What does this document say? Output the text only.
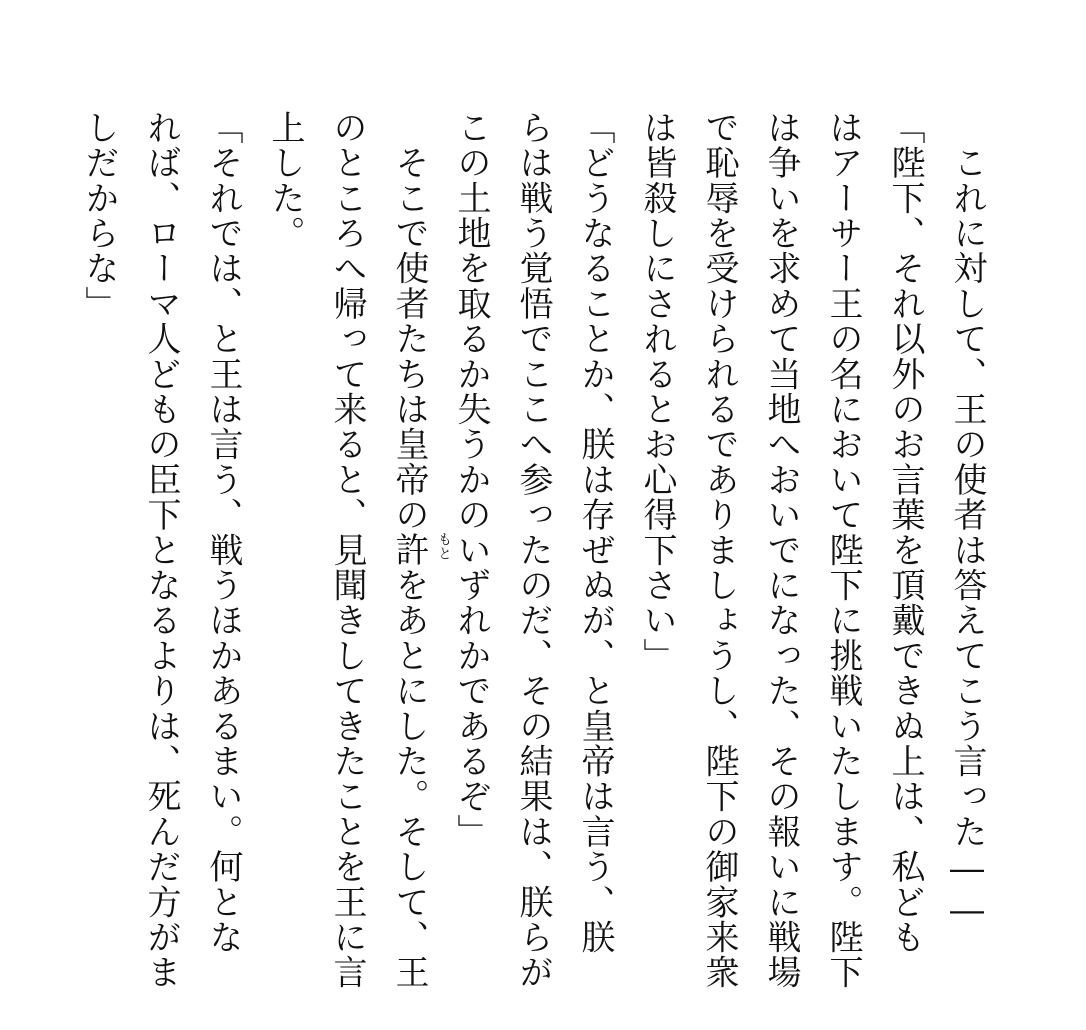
　これに対して、王の使者は答えてこう言った――
「陛下、それ以外のお言葉を頂戴できぬ上は、私ども
はアーサー王の名において陛下に挑戦いたします。陛下
は争いを求めて当地へおいでになった、その報いに戦場
で恥辱を受けられるでありましょうし、陛下の御家来衆
は皆殺しにされるとお心得下さい」
「どうなることか、朕は存ぜぬが、と皇帝は言う、朕
らは戦う覚悟でここへ参ったのだ、その結果は、朕らが
この土地を取るか失うかのいずれかであるぞ」
　そこで使者たちは皇帝の許 もと
をあとにした。そして、王
のところへ帰って来ると、見聞きしてきたことを王に言
上した。
「それでは、と王は言う、戦うほかあるまい。何とな
れば、ローマ人どもの臣下となるよりは、死んだ方がま
しだからな」
